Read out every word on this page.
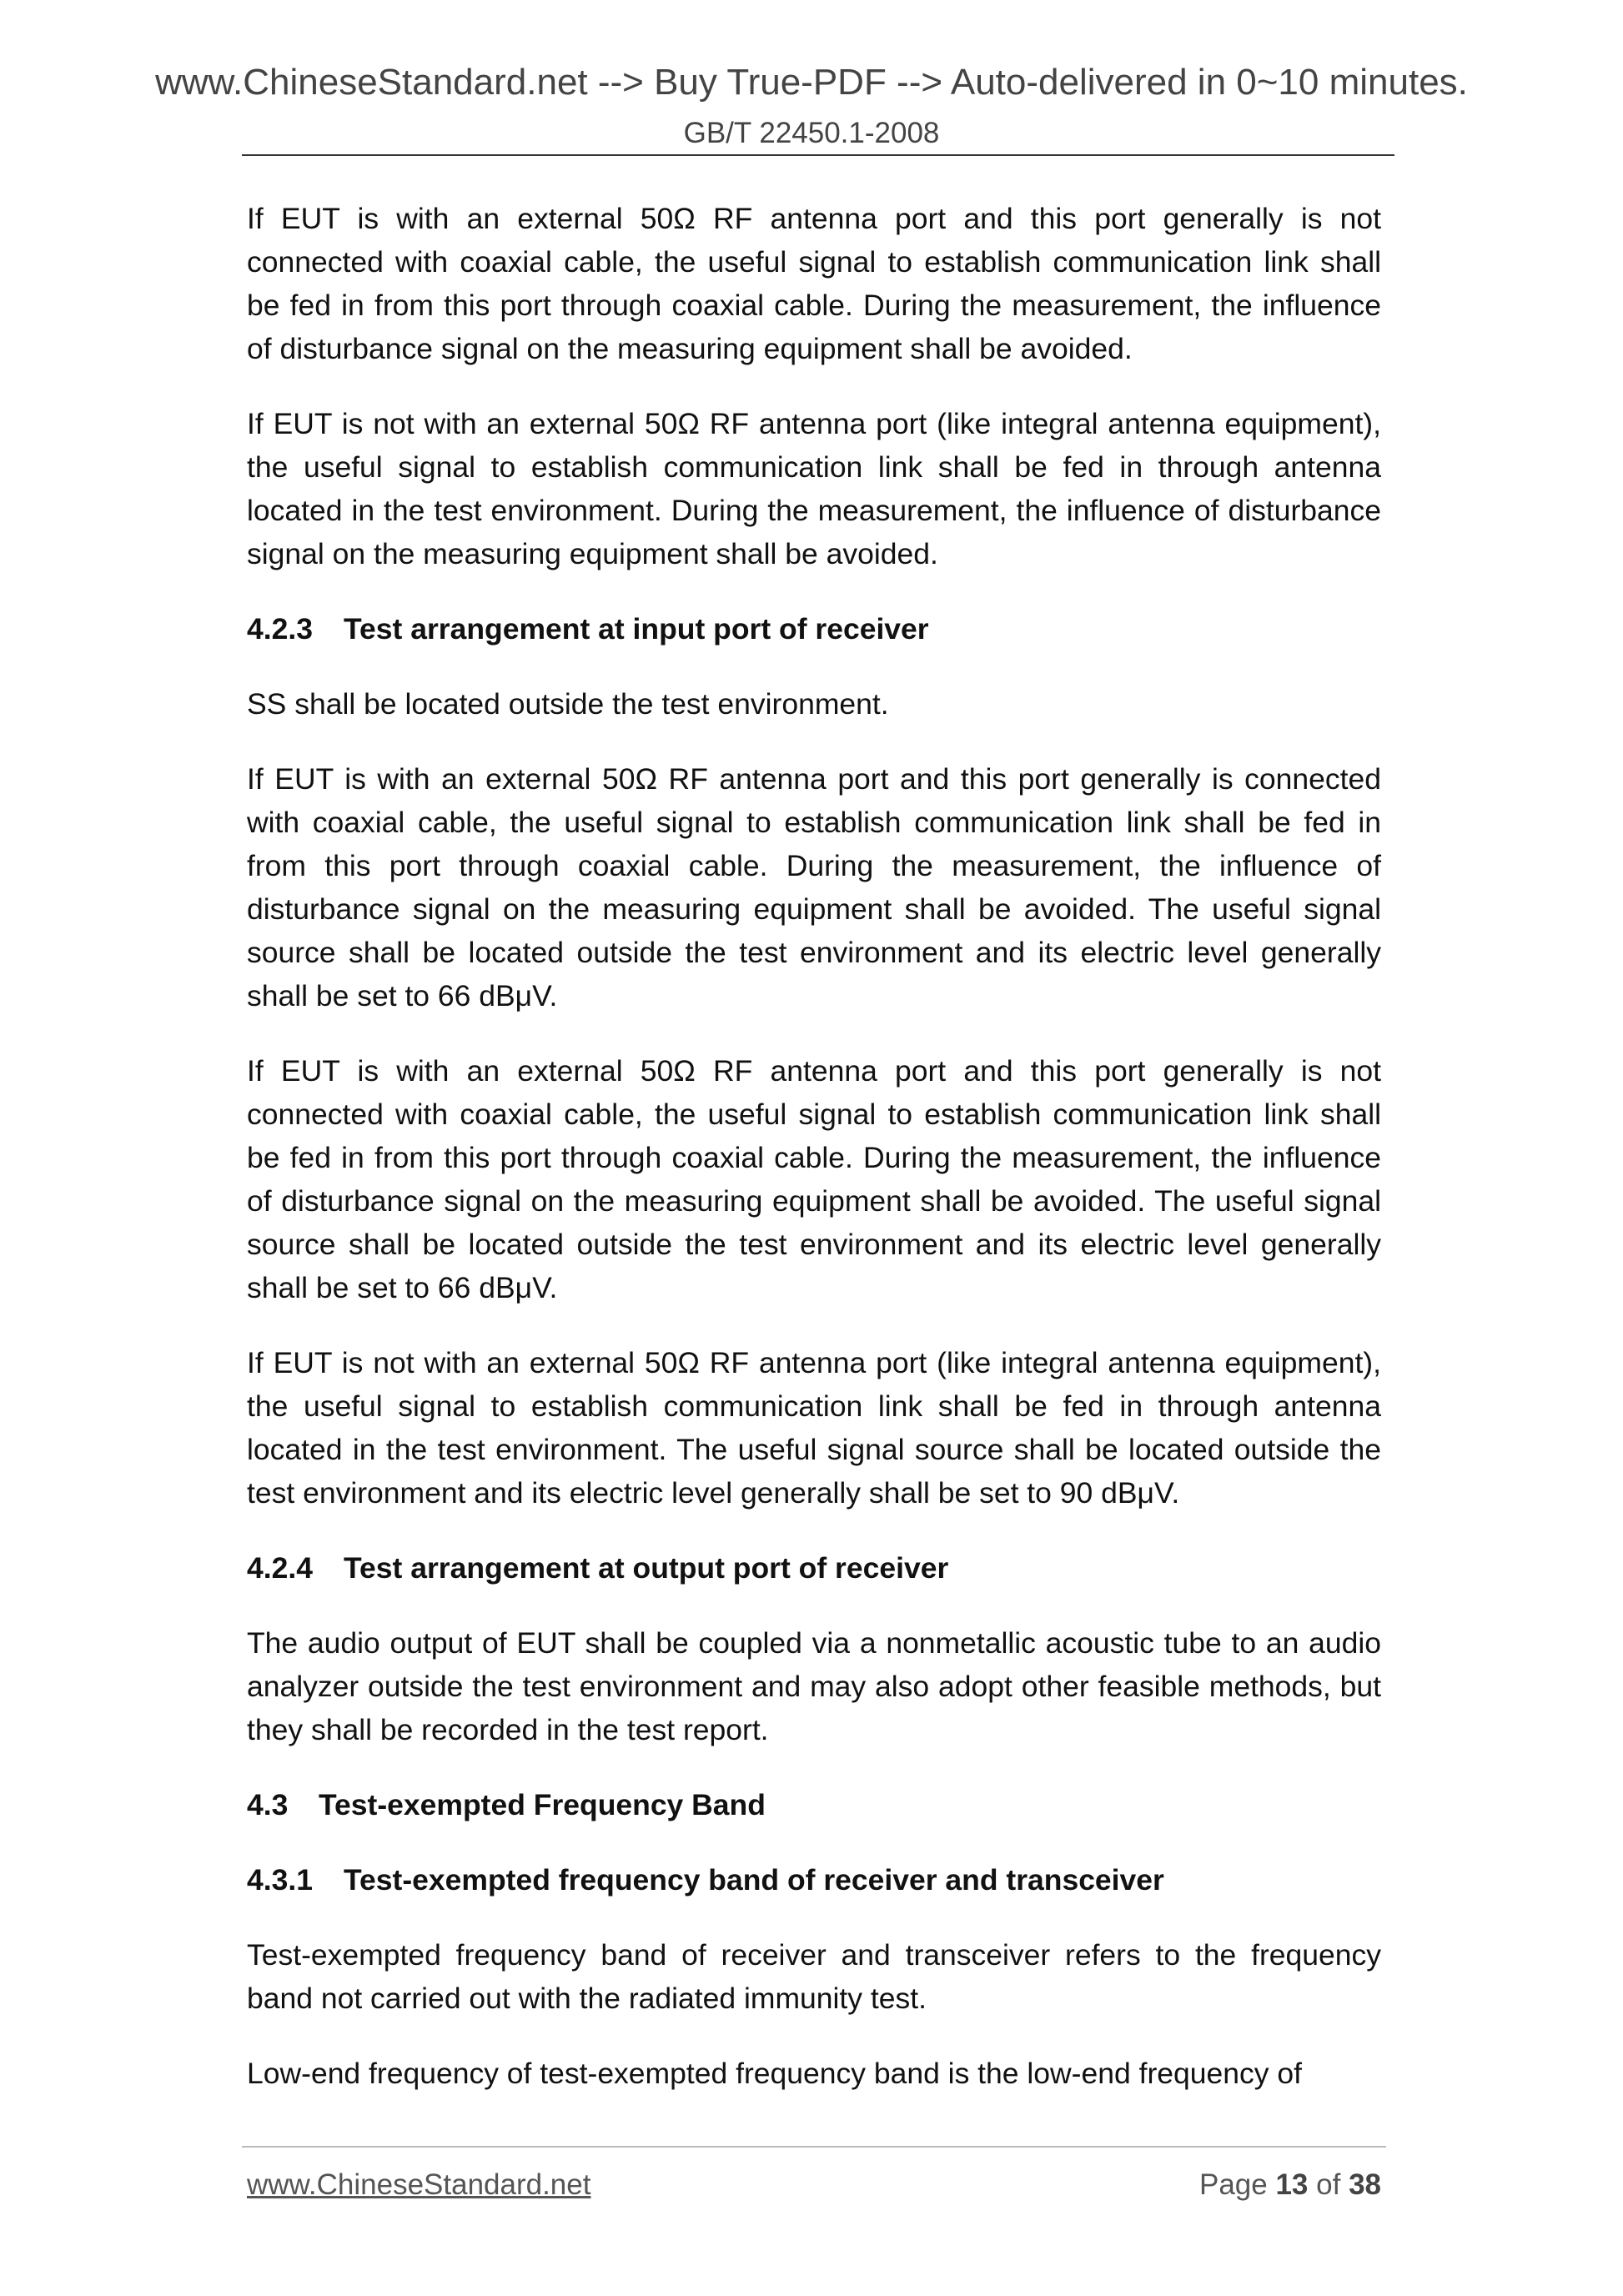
www.ChineseStandard.net --> Buy True-PDF --> Auto-delivered in 0~10 minutes.
GB/T 22450.1-2008

If EUT is with an external 50Ω RF antenna port and this port generally is not connected with coaxial cable, the useful signal to establish communication link shall be fed in from this port through coaxial cable. During the measurement, the influence of disturbance signal on the measuring equipment shall be avoided.

If EUT is not with an external 50Ω RF antenna port (like integral antenna equipment), the useful signal to establish communication link shall be fed in through antenna located in the test environment. During the measurement, the influence of disturbance signal on the measuring equipment shall be avoided.

4.2.3 Test arrangement at input port of receiver

SS shall be located outside the test environment.

If EUT is with an external 50Ω RF antenna port and this port generally is connected with coaxial cable, the useful signal to establish communication link shall be fed in from this port through coaxial cable. During the measurement, the influence of disturbance signal on the measuring equipment shall be avoided. The useful signal source shall be located outside the test environment and its electric level generally shall be set to 66 dBμV.

If EUT is with an external 50Ω RF antenna port and this port generally is not connected with coaxial cable, the useful signal to establish communication link shall be fed in from this port through coaxial cable. During the measurement, the influence of disturbance signal on the measuring equipment shall be avoided. The useful signal source shall be located outside the test environment and its electric level generally shall be set to 66 dBμV.

If EUT is not with an external 50Ω RF antenna port (like integral antenna equipment), the useful signal to establish communication link shall be fed in through antenna located in the test environment. The useful signal source shall be located outside the test environment and its electric level generally shall be set to 90 dBμV.

4.2.4 Test arrangement at output port of receiver

The audio output of EUT shall be coupled via a nonmetallic acoustic tube to an audio analyzer outside the test environment and may also adopt other feasible methods, but they shall be recorded in the test report.

4.3 Test-exempted Frequency Band
4.3.1 Test-exempted frequency band of receiver and transceiver

Test-exempted frequency band of receiver and transceiver refers to the frequency band not carried out with the radiated immunity test.

Low-end frequency of test-exempted frequency band is the low-end frequency of

www.ChineseStandard.net	Page 13 of 38
